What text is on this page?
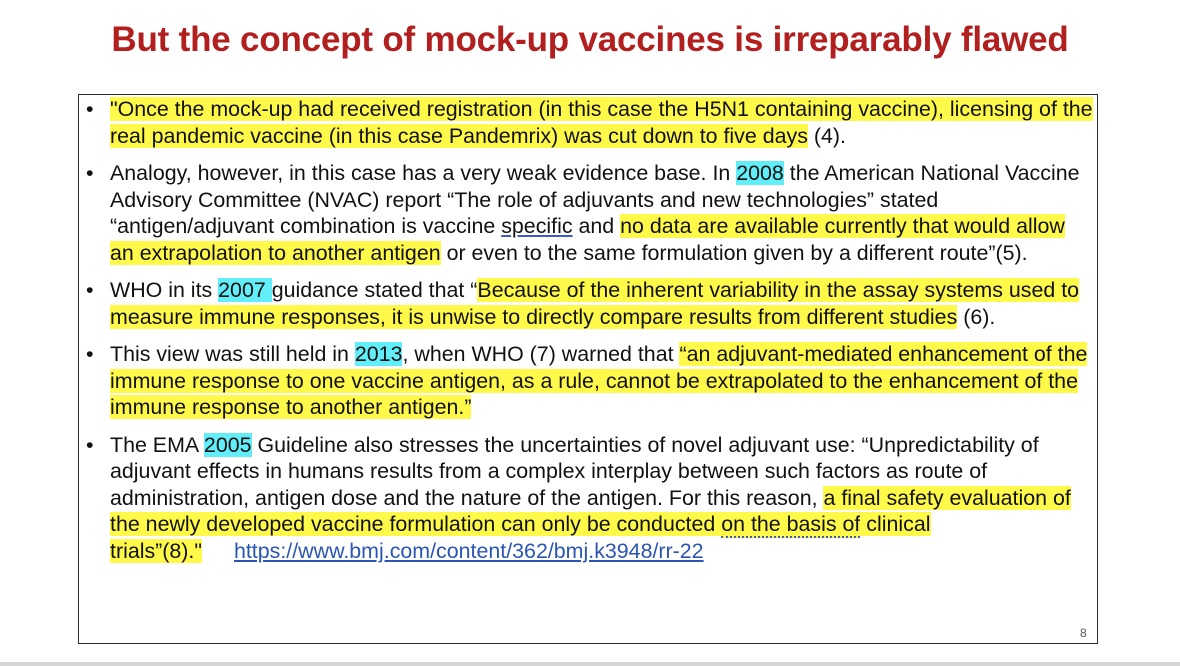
But the concept of mock-up vaccines is irreparably flawed
• "Once the mock-up had received registration (in this case the H5N1 containing vaccine), licensing of the real pandemic vaccine (in this case Pandemrix) was cut down to five days (4).
• Analogy, however, in this case has a very weak evidence base. In 2008 the American National Vaccine Advisory Committee (NVAC) report “The role of adjuvants and new technologies” stated “antigen/adjuvant combination is vaccine specific and no data are available currently that would allow an extrapolation to another antigen or even to the same formulation given by a different route”(5).
• WHO in its 2007 guidance stated that “Because of the inherent variability in the assay systems used to measure immune responses, it is unwise to directly compare results from different studies (6).
• This view was still held in 2013, when WHO (7) warned that “an adjuvant-mediated enhancement of the immune response to one vaccine antigen, as a rule, cannot be extrapolated to the enhancement of the immune response to another antigen.”
• The EMA 2005 Guideline also stresses the uncertainties of novel adjuvant use: “Unpredictability of adjuvant effects in humans results from a complex interplay between such factors as route of administration, antigen dose and the nature of the antigen. For this reason, a final safety evaluation of the newly developed vaccine formulation can only be conducted on the basis of clinical trials”(8)." https://www.bmj.com/content/362/bmj.k3948/rr-22
8
